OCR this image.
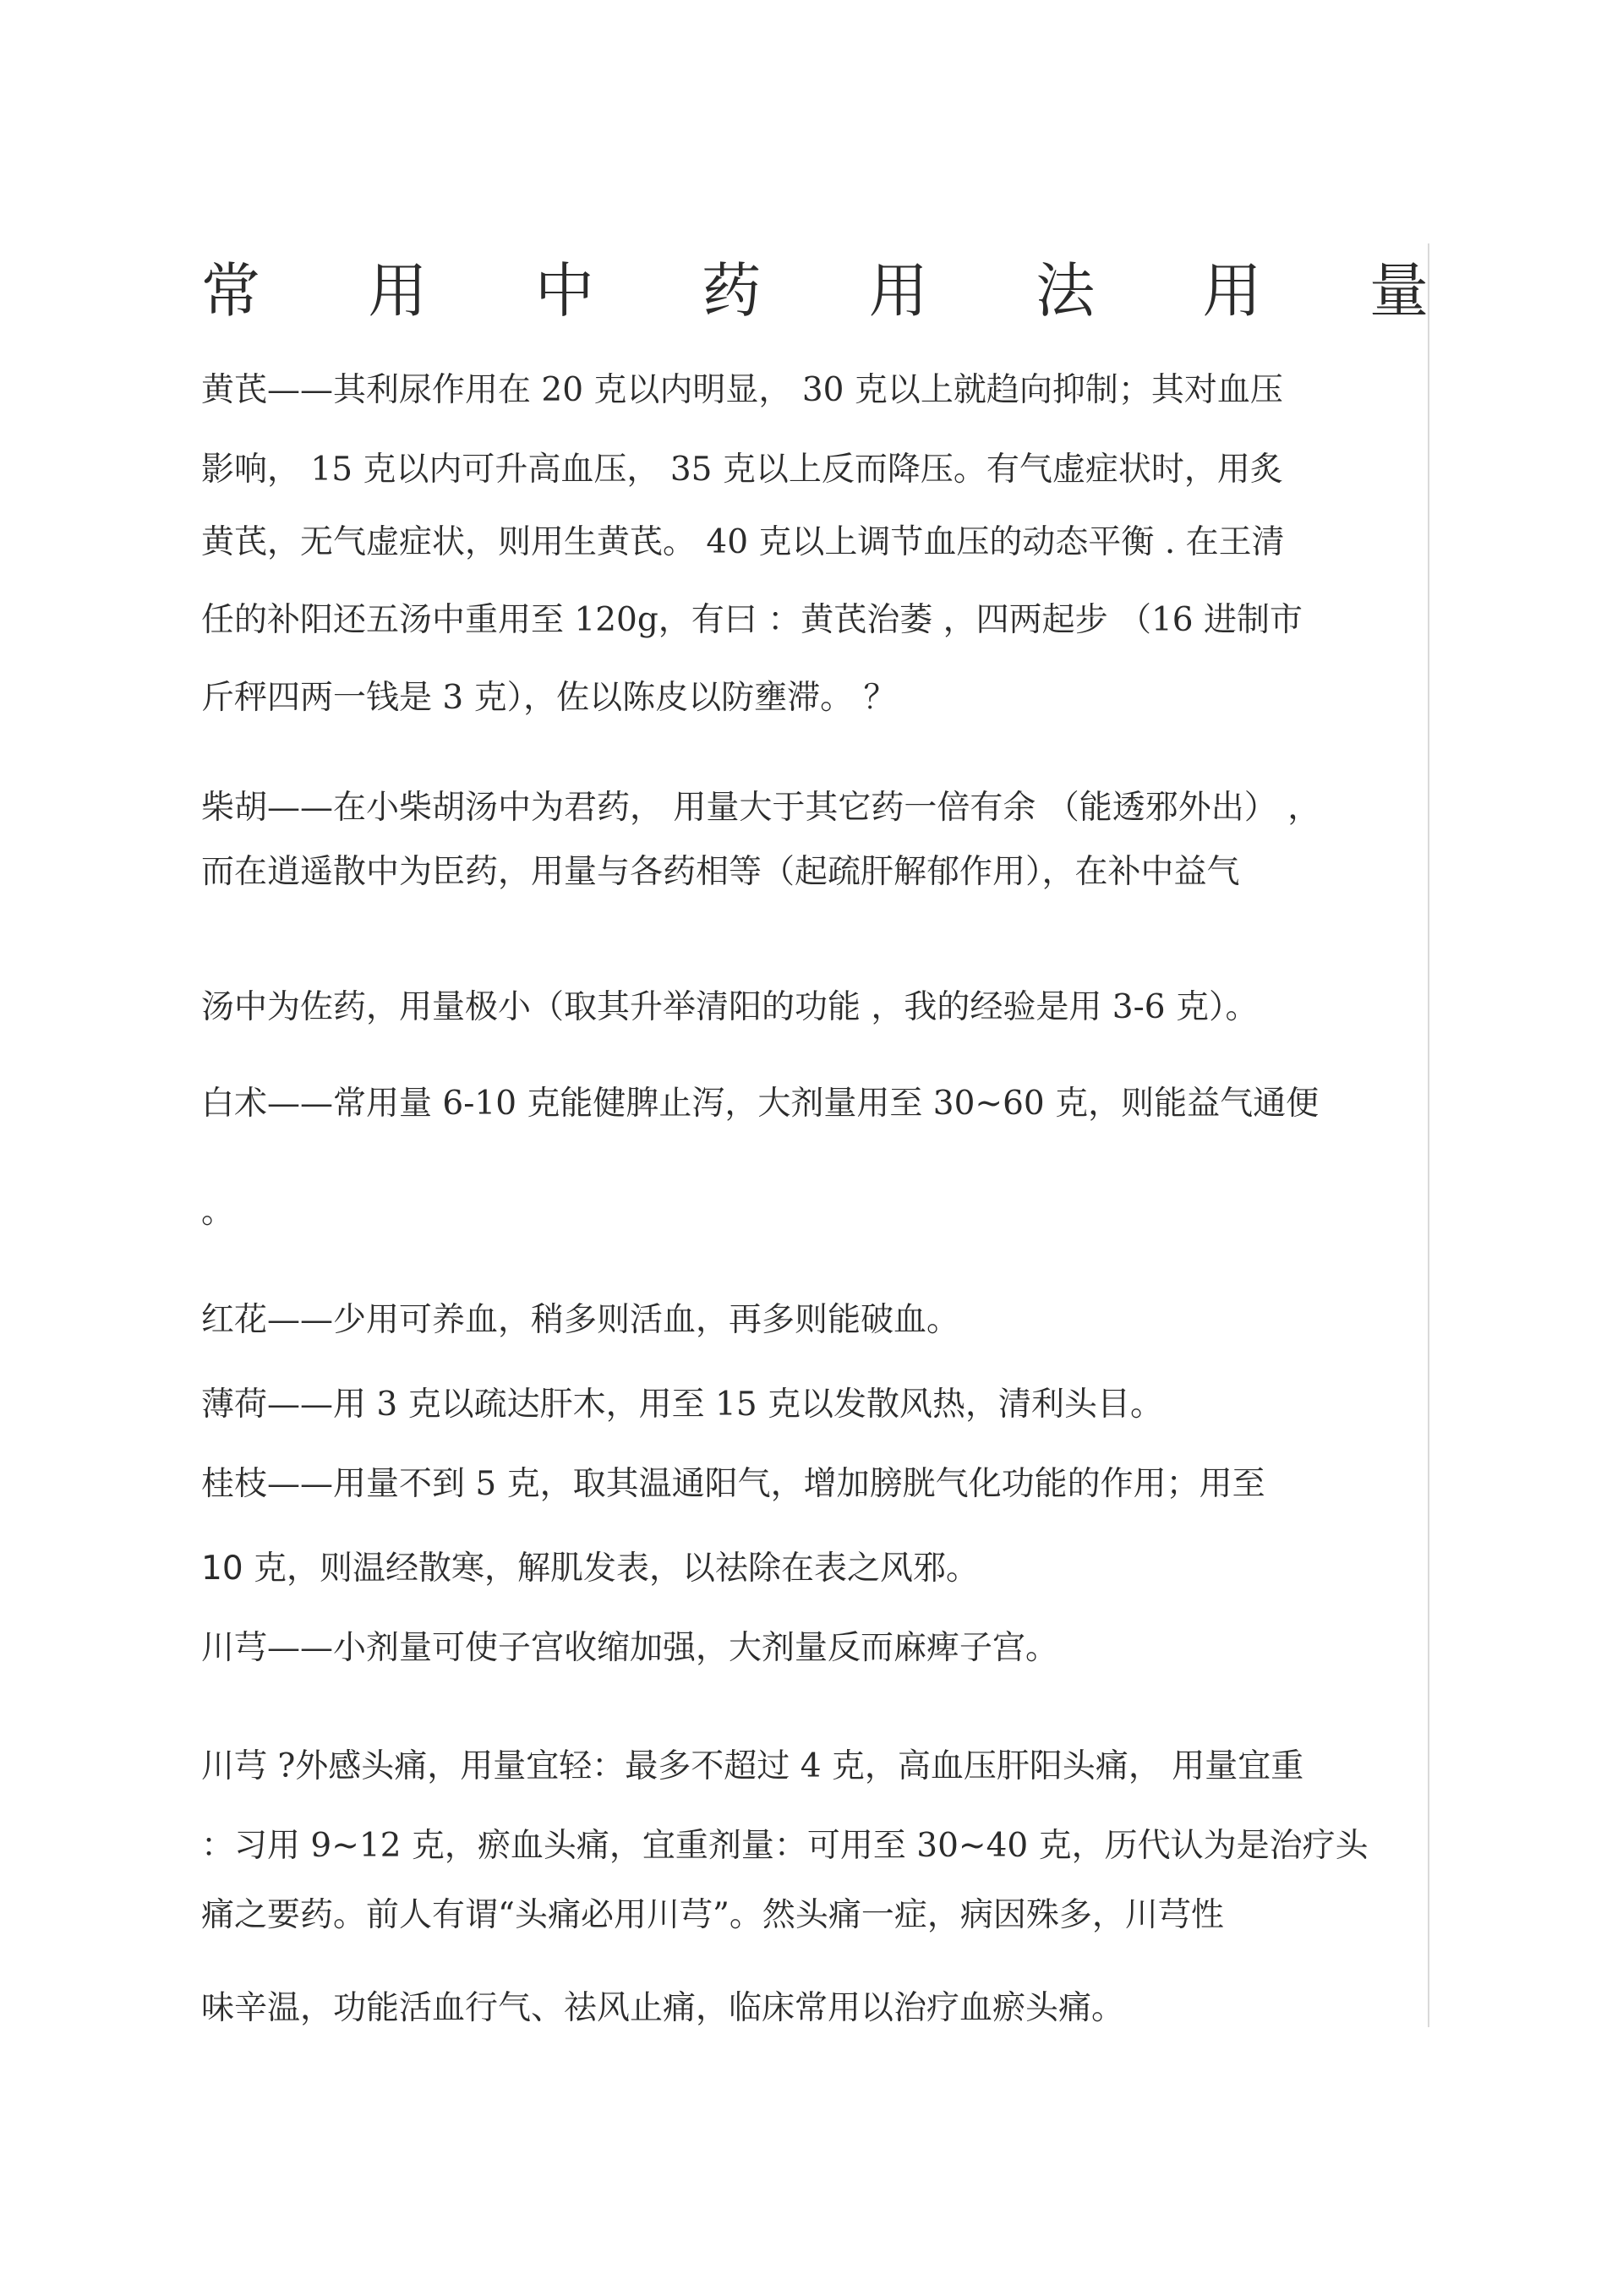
常 用 中 药 用 法 用 量
黄芪——其利尿作用在 20 克以内明显， 30 克以上就趋向抑制；其对血压
影响， 15 克以内可升高血压， 35 克以上反而降压。有气虚症状时，用炙
黄芪，无气虚症状，则用生黄芪。 40 克以上调节血压的动态平衡 . 在王清
任的补阳还五汤中重用至 120g，有曰 ：黄芪治萎 ，四两起步 （16 进制市
斤秤四两一钱是 3 克），佐以陈皮以防壅滞。 ？
柴胡——在小柴胡汤中为君药， 用量大于其它药一倍有余 （能透邪外出） ，
而在逍遥散中为臣药，用量与各药相等（起疏肝解郁作用），在补中益气
汤中为佐药，用量极小（取其升举清阳的功能 ，我的经验是用 3-6 克）。
白术——常用量 6-10 克能健脾止泻，大剂量用至 30~60 克，则能益气通便
。
红花——少用可养血，稍多则活血，再多则能破血。
薄荷——用 3 克以疏达肝木，用至 15 克以发散风热，清利头目。
桂枝——用量不到 5 克，取其温通阳气，增加膀胱气化功能的作用；用至
10 克，则温经散寒，解肌发表，以祛除在表之风邪。
川芎——小剂量可使子宫收缩加强，大剂量反而麻痺子宫。
川芎 ?外感头痛，用量宜轻：最多不超过 4 克，高血压肝阳头痛， 用量宜重
：习用 9~12 克，瘀血头痛，宜重剂量：可用至 30~40 克，历代认为是治疗头
痛之要药。前人有谓“头痛必用川芎”。然头痛一症，病因殊多，川芎性
味辛温，功能活血行气、祛风止痛，临床常用以治疗血瘀头痛。
